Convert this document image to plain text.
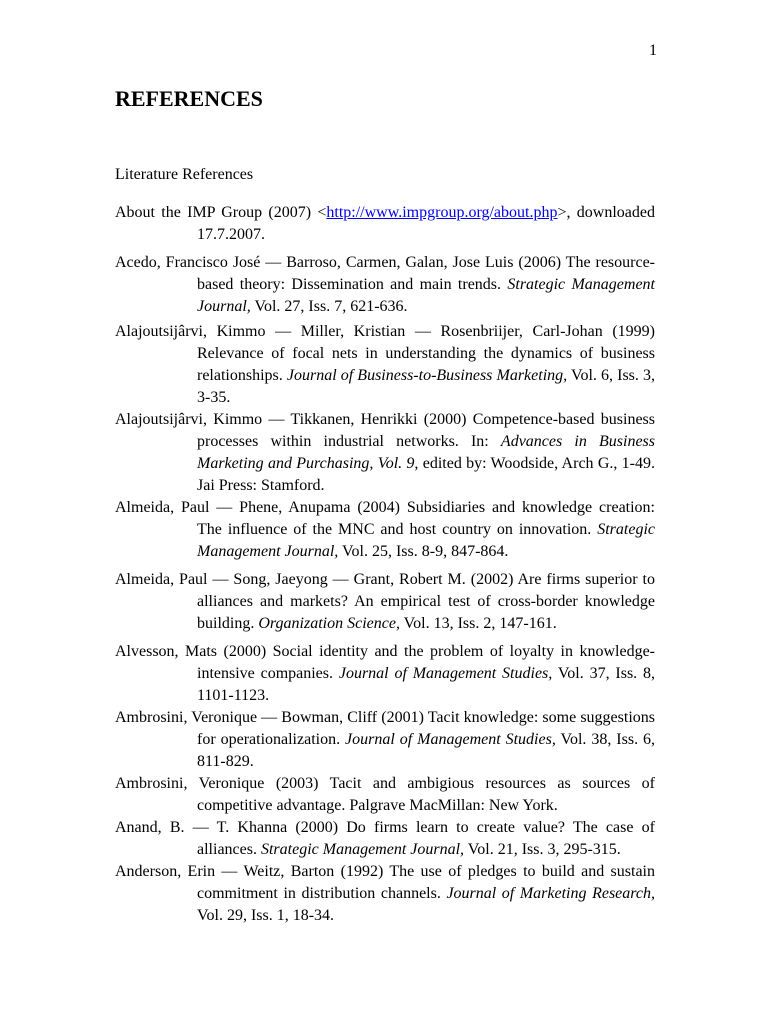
1
REFERENCES
Literature References

About the IMP Group (2007) <http://www.impgroup.org/about.php>, downloaded 17.7.2007.

Acedo, Francisco José — Barroso, Carmen, Galan, Jose Luis (2006) The resource-based theory: Dissemination and main trends. Strategic Management Journal, Vol. 27, Iss. 7, 621-636.

Alajoutsijârvi, Kimmo — Miller, Kristian — Rosenbriijer, Carl-Johan (1999) Relevance of focal nets in understanding the dynamics of business relationships. Journal of Business-to-Business Marketing, Vol. 6, Iss. 3, 3-35.

Alajoutsijârvi, Kimmo — Tikkanen, Henrikki (2000) Competence-based business processes within industrial networks. In: Advances in Business Marketing and Purchasing, Vol. 9, edited by: Woodside, Arch G., 1-49. Jai Press: Stamford.

Almeida, Paul — Phene, Anupama (2004) Subsidiaries and knowledge creation: The influence of the MNC and host country on innovation. Strategic Management Journal, Vol. 25, Iss. 8-9, 847-864.

Almeida, Paul — Song, Jaeyong — Grant, Robert M. (2002) Are firms superior to alliances and markets? An empirical test of cross-border knowledge building. Organization Science, Vol. 13, Iss. 2, 147-161.

Alvesson, Mats (2000) Social identity and the problem of loyalty in knowledge-intensive companies. Journal of Management Studies, Vol. 37, Iss. 8, 1101-1123.

Ambrosini, Veronique — Bowman, Cliff (2001) Tacit knowledge: some suggestions for operationalization. Journal of Management Studies, Vol. 38, Iss. 6, 811-829.

Ambrosini, Veronique (2003) Tacit and ambigious resources as sources of competitive advantage. Palgrave MacMillan: New York.

Anand, B. — T. Khanna (2000) Do firms learn to create value? The case of alliances. Strategic Management Journal, Vol. 21, Iss. 3, 295-315.

Anderson, Erin — Weitz, Barton (1992) The use of pledges to build and sustain commitment in distribution channels. Journal of Marketing Research, Vol. 29, Iss. 1, 18-34.
